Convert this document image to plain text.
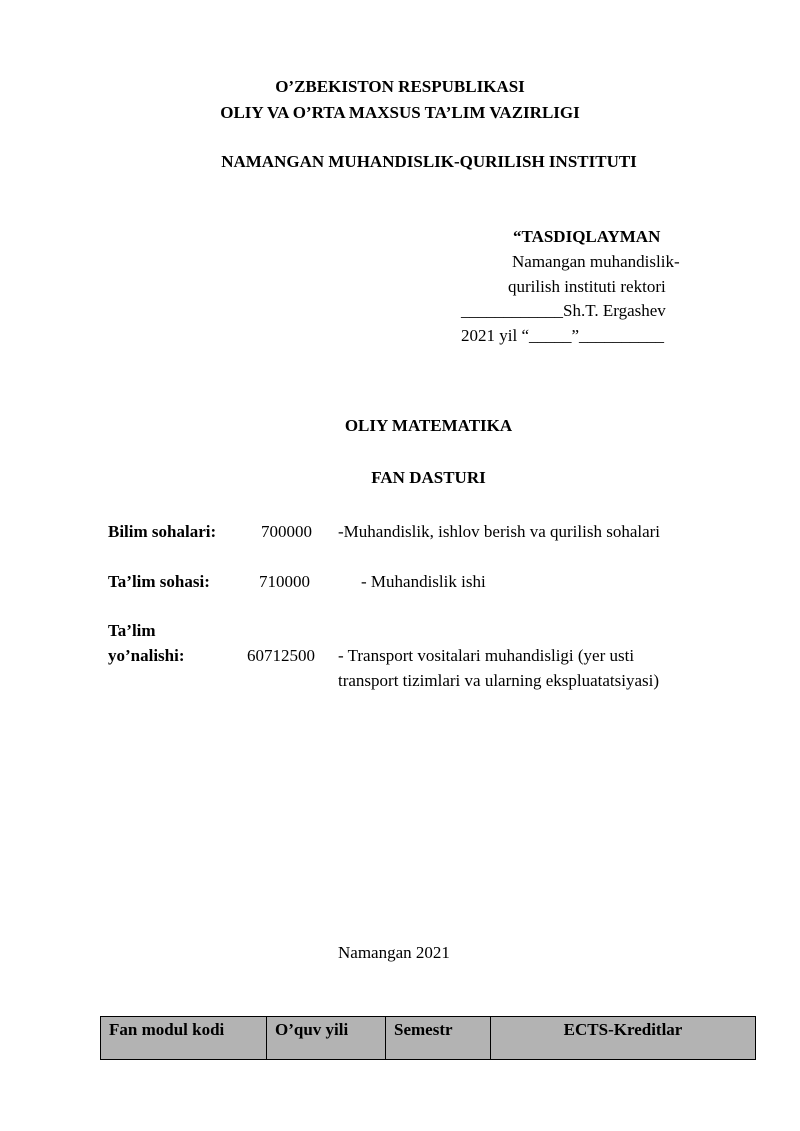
O’ZBEKISTON RESPUBLIKASI
OLIY VA O’RTA MAXSUS TA’LIM VAZIRLIGI
NAMANGAN MUHANDISLIK-QURILISH INSTITUTI
“TASDIQLAYMAN
Namangan muhandislik-
qurilish instituti rektori
____________Sh.T. Ergashev
2021 yil “_____”__________
OLIY MATEMATIKA
FAN DASTURI
Bilim sohalari:	700000 -Muhandislik, ishlov berish va qurilish sohalari
Ta’lim sohasi:	710000	- Muhandislik ishi
Ta’lim
yo’nalishi:	60712500 - Transport vositalari muhandisligi (yer usti
transport tizimlari va ularning ekspluatatsiyasi)
Namangan 2021
Fan modul kodi	O’quv yili	Semestr	ECTS-Kreditlar
